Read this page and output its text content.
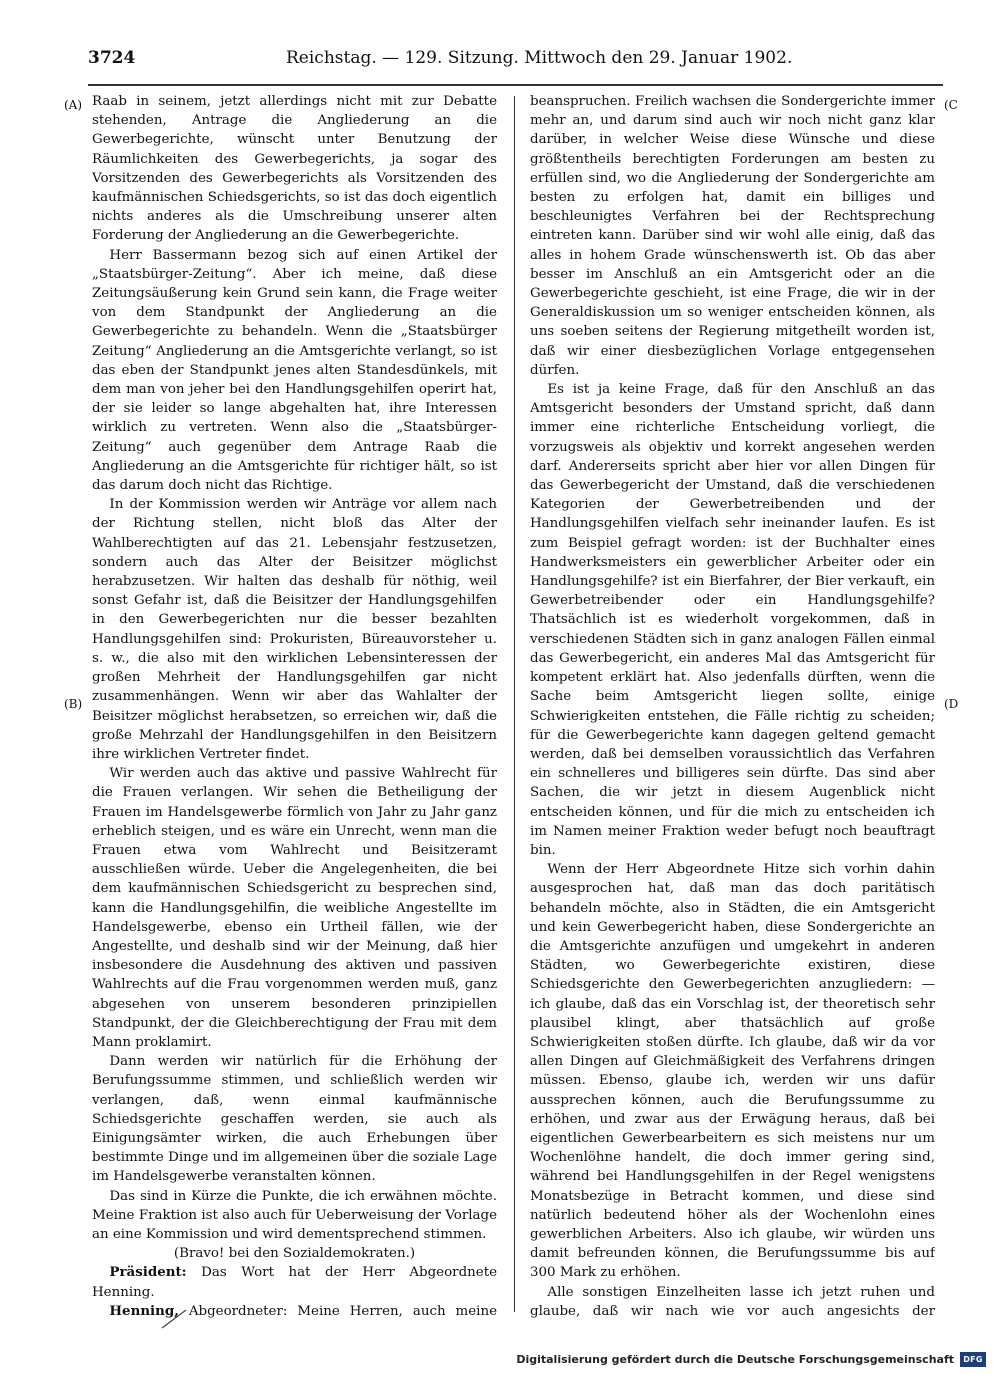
3724	Reichstag. — 129. Sitzung. Mittwoch den 29. Januar 1902.
(A)
(B)
(C
(D

Raab in seinem, jetzt allerdings nicht mit zur Debatte stehenden, Antrage die Angliederung an die Gewerbegerichte, wünscht unter Benutzung der Räumlichkeiten des Gewerbegerichts, ja sogar des Vorsitzenden des Gewerbegerichts als Vorsitzenden des kaufmännischen Schiedsgerichts, so ist das doch eigentlich nichts anderes als die Umschreibung unserer alten Forderung der Angliederung an die Gewerbegerichte.

Herr Bassermann bezog sich auf einen Artikel der „Staatsbürger-Zeitung“. Aber ich meine, daß diese Zeitungsäußerung kein Grund sein kann, die Frage weiter von dem Standpunkt der Angliederung an die Gewerbegerichte zu behandeln. Wenn die „Staatsbürger Zeitung“ Angliederung an die Amtsgerichte verlangt, so ist das eben der Standpunkt jenes alten Standesdünkels, mit dem man von jeher bei den Handlungsgehilfen operirt hat, der sie leider so lange abgehalten hat, ihre Interessen wirklich zu vertreten. Wenn also die „Staatsbürger-Zeitung“ auch gegenüber dem Antrage Raab die Angliederung an die Amtsgerichte für richtiger hält, so ist das darum doch nicht das Richtige.

In der Kommission werden wir Anträge vor allem nach der Richtung stellen, nicht bloß das Alter der Wahlberechtigten auf das 21. Lebensjahr festzusetzen, sondern auch das Alter der Beisitzer möglichst herabzusetzen. Wir halten das deshalb für nöthig, weil sonst Gefahr ist, daß die Beisitzer der Handlungsgehilfen in den Gewerbegerichten nur die besser bezahlten Handlungsgehilfen sind: Prokuristen, Büreauvorsteher u. s. w., die also mit den wirklichen Lebensinteressen der großen Mehrheit der Handlungsgehilfen gar nicht zusammenhängen. Wenn wir aber das Wahlalter der Beisitzer möglichst herabsetzen, so erreichen wir, daß die große Mehrzahl der Handlungsgehilfen in den Beisitzern ihre wirklichen Vertreter findet.

Wir werden auch das aktive und passive Wahlrecht für die Frauen verlangen. Wir sehen die Betheiligung der Frauen im Handelsgewerbe förmlich von Jahr zu Jahr ganz erheblich steigen, und es wäre ein Unrecht, wenn man die Frauen etwa vom Wahlrecht und Beisitzeramt ausschließen würde. Ueber die Angelegenheiten, die bei dem kaufmännischen Schiedsgericht zu besprechen sind, kann die Handlungsgehilfin, die weibliche Angestellte im Handelsgewerbe, ebenso ein Urtheil fällen, wie der Angestellte, und deshalb sind wir der Meinung, daß hier insbesondere die Ausdehnung des aktiven und passiven Wahlrechts auf die Frau vorgenommen werden muß, ganz abgesehen von unserem besonderen prinzipiellen Standpunkt, der die Gleichberechtigung der Frau mit dem Mann proklamirt.

Dann werden wir natürlich für die Erhöhung der Berufungssumme stimmen, und schließlich werden wir verlangen, daß, wenn einmal kaufmännische Schiedsgerichte geschaffen werden, sie auch als Einigungsämter wirken, die auch Erhebungen über bestimmte Dinge und im allgemeinen über die soziale Lage im Handelsgewerbe veranstalten können.

Das sind in Kürze die Punkte, die ich erwähnen möchte. Meine Fraktion ist also auch für Ueberweisung der Vorlage an eine Kommission und wird dementsprechend stimmen.

(Bravo! bei den Sozialdemokraten.)

Präsident: Das Wort hat der Herr Abgeordnete Henning.

Henning, Abgeordneter: Meine Herren, auch meine

beanspruchen. Freilich wachsen die Sondergerichte immer mehr an, und darum sind auch wir noch nicht ganz klar darüber, in welcher Weise diese Wünsche und diese größtentheils berechtigten Forderungen am besten zu erfüllen sind, wo die Angliederung der Sondergerichte am besten zu erfolgen hat, damit ein billiges und beschleunigtes Verfahren bei der Rechtsprechung eintreten kann. Darüber sind wir wohl alle einig, daß das alles in hohem Grade wünschenswerth ist. Ob das aber besser im Anschluß an ein Amtsgericht oder an die Gewerbegerichte geschieht, ist eine Frage, die wir in der Generaldiskussion um so weniger entscheiden können, als uns soeben seitens der Regierung mitgetheilt worden ist, daß wir einer diesbezüglichen Vorlage entgegensehen dürfen.

Es ist ja keine Frage, daß für den Anschluß an das Amtsgericht besonders der Umstand spricht, daß dann immer eine richterliche Entscheidung vorliegt, die vorzugsweis als objektiv und korrekt angesehen werden darf. Andererseits spricht aber hier vor allen Dingen für das Gewerbegericht der Umstand, daß die verschiedenen Kategorien der Gewerbetreibenden und der Handlungsgehilfen vielfach sehr ineinander laufen. Es ist zum Beispiel gefragt worden: ist der Buchhalter eines Handwerksmeisters ein gewerblicher Arbeiter oder ein Handlungsgehilfe? ist ein Bierfahrer, der Bier verkauft, ein Gewerbetreibender oder ein Handlungsgehilfe? Thatsächlich ist es wiederholt vorgekommen, daß in verschiedenen Städten sich in ganz analogen Fällen einmal das Gewerbegericht, ein anderes Mal das Amtsgericht für kompetent erklärt hat. Also jedenfalls dürften, wenn die Sache beim Amtsgericht liegen sollte, einige Schwierigkeiten entstehen, die Fälle richtig zu scheiden; für die Gewerbegerichte kann dagegen geltend gemacht werden, daß bei demselben voraussichtlich das Verfahren ein schnelleres und billigeres sein dürfte. Das sind aber Sachen, die wir jetzt in diesem Augenblick nicht entscheiden können, und für die mich zu entscheiden ich im Namen meiner Fraktion weder befugt noch beauftragt bin.

Wenn der Herr Abgeordnete Hitze sich vorhin dahin ausgesprochen hat, daß man das doch paritätisch behandeln möchte, also in Städten, die ein Amtsgericht und kein Gewerbegericht haben, diese Sondergerichte an die Amtsgerichte anzufügen und umgekehrt in anderen Städten, wo Gewerbegerichte existiren, diese Schiedsgerichte den Gewerbegerichten anzugliedern: — ich glaube, daß das ein Vorschlag ist, der theoretisch sehr plausibel klingt, aber thatsächlich auf große Schwierigkeiten stoßen dürfte. Ich glaube, daß wir da vor allen Dingen auf Gleichmäßigkeit des Verfahrens dringen müssen. Ebenso, glaube ich, werden wir uns dafür aussprechen können, auch die Berufungssumme zu erhöhen, und zwar aus der Erwägung heraus, daß bei eigentlichen Gewerbearbeitern es sich meistens nur um Wochenlöhne handelt, die doch immer gering sind, während bei Handlungsgehilfen in der Regel wenigstens Monatsbezüge in Betracht kommen, und diese sind natürlich bedeutend höher als der Wochenlohn eines gewerblichen Arbeiters. Also ich glaube, wir würden uns damit befreunden können, die Berufungssumme bis auf 300 Mark zu erhöhen.

Alle sonstigen Einzelheiten lasse ich jetzt ruhen und glaube, daß wir nach wie vor auch angesichts der

Digitalisierung gefördert durch die Deutsche Forschungsgemeinschaft	DFG
